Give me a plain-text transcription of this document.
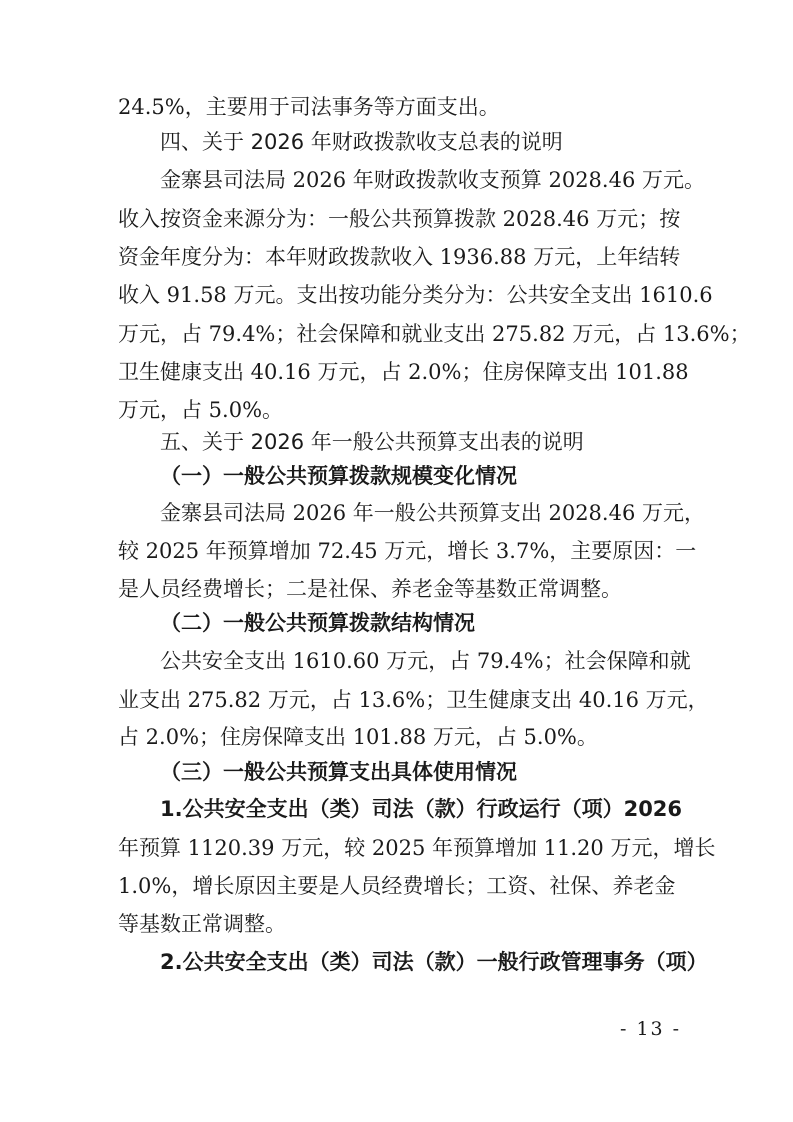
24.5%，主要用于司法事务等方面支出。
四、关于 2026 年财政拨款收支总表的说明
金寨县司法局 2026 年财政拨款收支预算 2028.46 万元。
收入按资金来源分为：一般公共预算拨款 2028.46 万元；按
资金年度分为：本年财政拨款收入 1936.88 万元，上年结转
收入 91.58 万元。支出按功能分类分为：公共安全支出 1610.6
万元，占 79.4%；社会保障和就业支出 275.82 万元，占 13.6%；
卫生健康支出 40.16 万元，占 2.0%；住房保障支出 101.88
万元，占 5.0%。
五、关于 2026 年一般公共预算支出表的说明
（一）一般公共预算拨款规模变化情况
金寨县司法局 2026 年一般公共预算支出 2028.46 万元，
较 2025 年预算增加 72.45 万元，增长 3.7%，主要原因：一
是人员经费增长；二是社保、养老金等基数正常调整。
（二）一般公共预算拨款结构情况
公共安全支出 1610.60 万元，占 79.4%；社会保障和就
业支出 275.82 万元，占 13.6%；卫生健康支出 40.16 万元，
占 2.0%；住房保障支出 101.88 万元，占 5.0%。
（三）一般公共预算支出具体使用情况
1.公共安全支出（类）司法（款）行政运行（项）2026
年预算 1120.39 万元，较 2025 年预算增加 11.20 万元，增长
1.0%，增长原因主要是人员经费增长；工资、社保、养老金
等基数正常调整。
2.公共安全支出（类）司法（款）一般行政管理事务（项）
- 13 -
